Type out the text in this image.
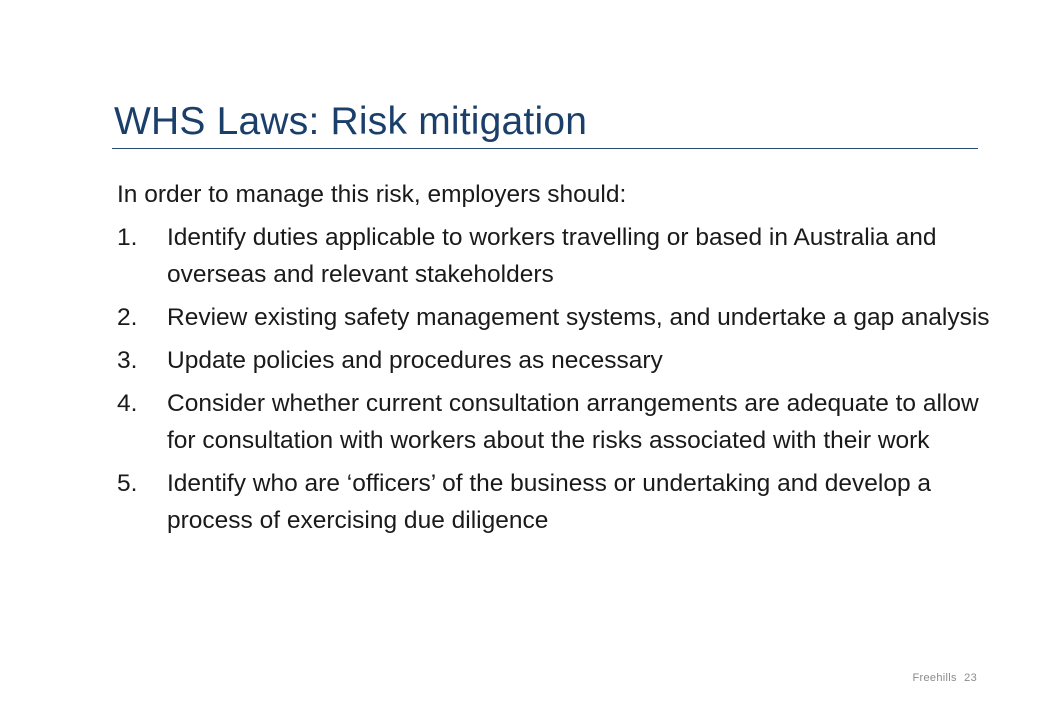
WHS Laws: Risk mitigation

In order to manage this risk, employers should:

1.	Identify duties applicable to workers travelling or based in Australia and overseas and relevant stakeholders
2.	Review existing safety management systems, and undertake a gap analysis
3.	Update policies and procedures as necessary
4.	Consider whether current consultation arrangements are adequate to allow for consultation with workers about the risks associated with their work
5.	Identify who are ‘officers’ of the business or undertaking and develop a process of exercising due diligence
Freehills 23
